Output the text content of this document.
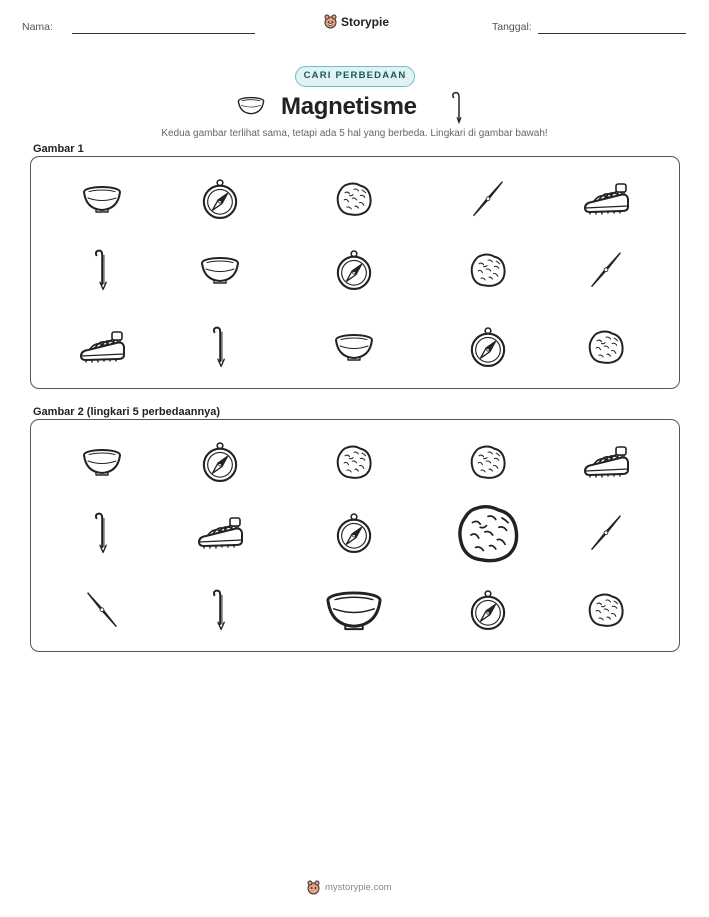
Nama:	Storypie	Tanggal:
CARI PERBEDAAN
Magnetisme
Kedua gambar terlihat sama, tetapi ada 5 hal yang berbeda. Lingkari di gambar bawah!
Gambar 1
Gambar 2 (lingkari 5 perbedaannya)
mystorypie.com
